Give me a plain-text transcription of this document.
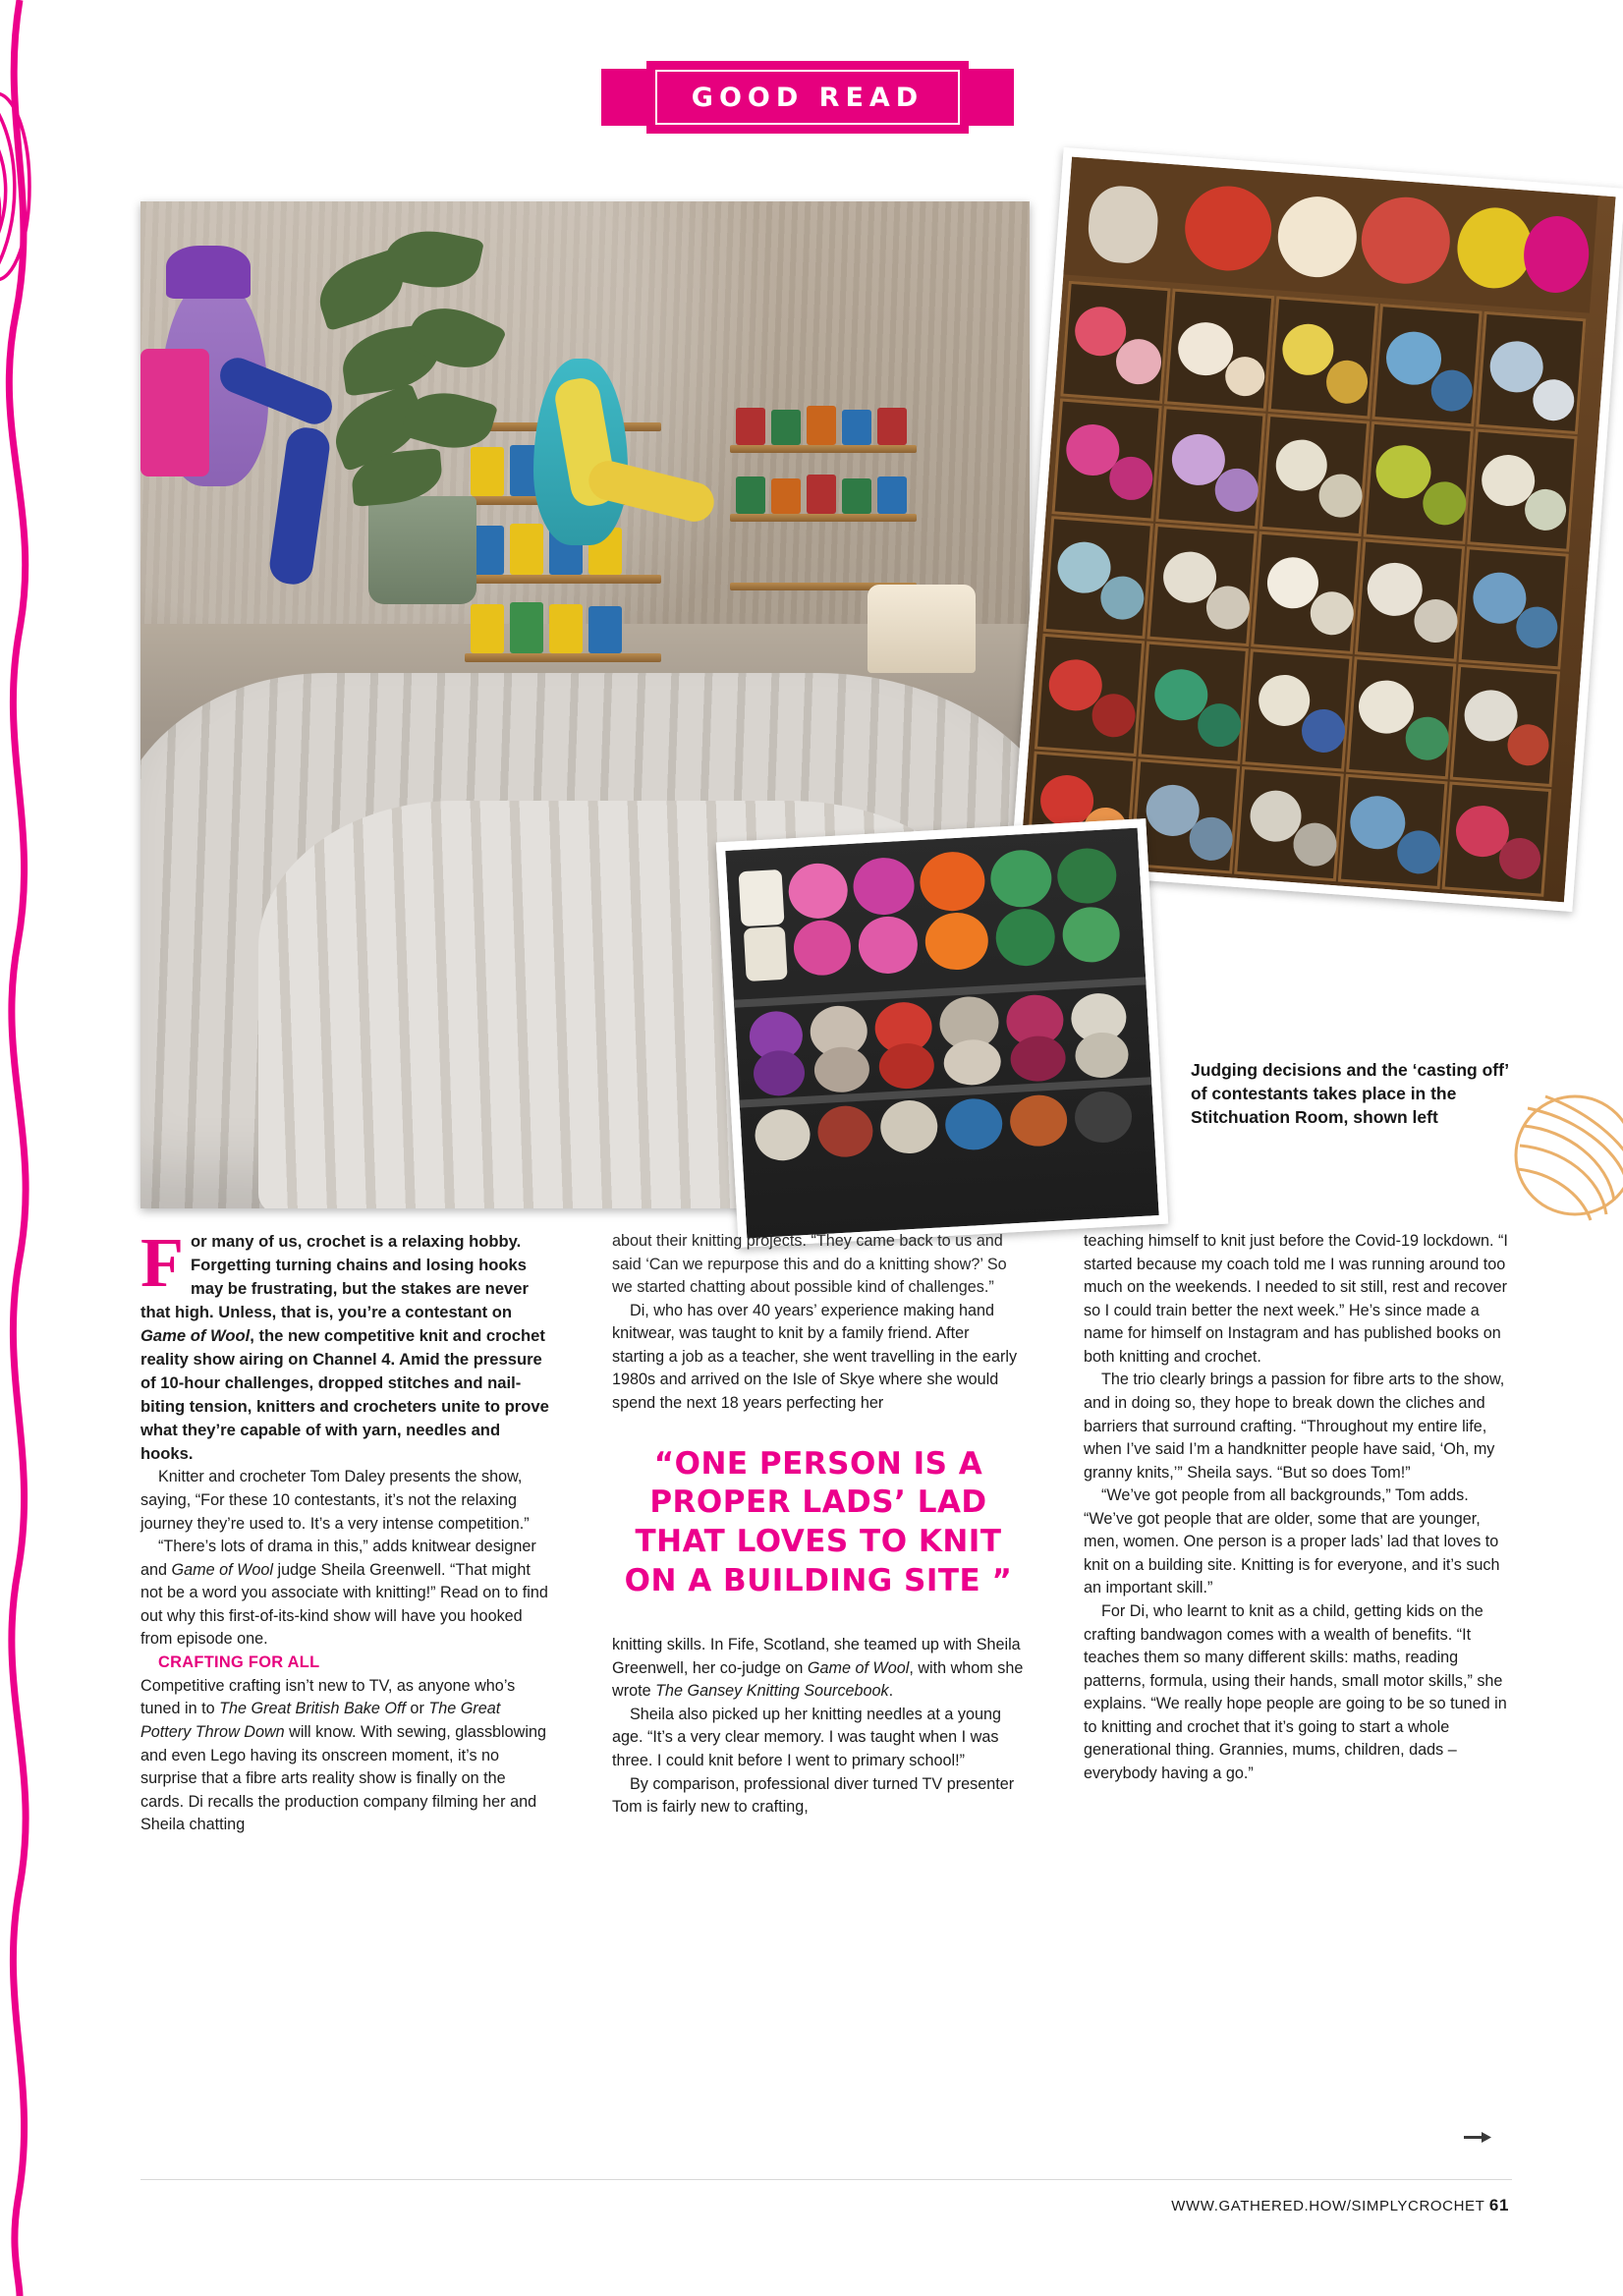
GOOD READ
Judging decisions and the ‘casting off’ of contestants takes place in the Stitchuation Room, shown left

For many of us, crochet is a relaxing hobby. Forgetting turning chains and losing hooks may be frustrating, but the stakes are never that high. Unless, that is, you’re a contestant on Game of Wool, the new competitive knit and crochet reality show airing on Channel 4. Amid the pressure of 10-hour challenges, dropped stitches and nail-biting tension, knitters and crocheters unite to prove what they’re capable of with yarn, needles and hooks.

Knitter and crocheter Tom Daley presents the show, saying, “For these 10 contestants, it’s not the relaxing journey they’re used to. It’s a very intense competition.”

“There’s lots of drama in this,” adds knitwear designer and Game of Wool judge Sheila Greenwell. “That might not be a word you associate with knitting!” Read on to find out why this first-of-its-kind show will have you hooked from episode one.

CRAFTING FOR ALL

Competitive crafting isn’t new to TV, as anyone who’s tuned in to The Great British Bake Off or The Great Pottery Throw Down will know. With sewing, glassblowing and even Lego having its onscreen moment, it’s no surprise that a fibre arts reality show is finally on the cards. Di recalls the production company filming her and Sheila chatting

about their knitting projects. “They came back to us and said ‘Can we repurpose this and do a knitting show?’ So we started chatting about possible kind of challenges.”

Di, who has over 40 years’ experience making hand knitwear, was taught to knit by a family friend. After starting a job as a teacher, she went travelling in the early 1980s and arrived on the Isle of Skye where she would spend the next 18 years perfecting her

“ONE PERSON IS A PROPER LADS’ LAD THAT LOVES TO KNIT ON A BUILDING SITE ”

knitting skills. In Fife, Scotland, she teamed up with Sheila Greenwell, her co-judge on Game of Wool, with whom she wrote The Gansey Knitting Sourcebook.

Sheila also picked up her knitting needles at a young age. “It’s a very clear memory. I was taught when I was three. I could knit before I went to primary school!”

By comparison, professional diver turned TV presenter Tom is fairly new to crafting,

teaching himself to knit just before the Covid-19 lockdown. “I started because my coach told me I was running around too much on the weekends. I needed to sit still, rest and recover so I could train better the next week.” He’s since made a name for himself on Instagram and has published books on both knitting and crochet.

The trio clearly brings a passion for fibre arts to the show, and in doing so, they hope to break down the cliches and barriers that surround crafting. “Throughout my entire life, when I’ve said I’m a handknitter people have said, ‘Oh, my granny knits,’” Sheila says. “But so does Tom!”

“We’ve got people from all backgrounds,” Tom adds. “We’ve got people that are older, some that are younger, men, women. One person is a proper lads’ lad that loves to knit on a building site. Knitting is for everyone, and it’s such an important skill.”

For Di, who learnt to knit as a child, getting kids on the crafting bandwagon comes with a wealth of benefits. “It teaches them so many different skills: maths, reading patterns, formula, using their hands, small motor skills,” she explains. “We really hope people are going to be so tuned in to knitting and crochet that it’s going to start a whole generational thing. Grannies, mums, children, dads – everybody having a go.”

WWW.GATHERED.HOW/SIMPLYCROCHET 61
